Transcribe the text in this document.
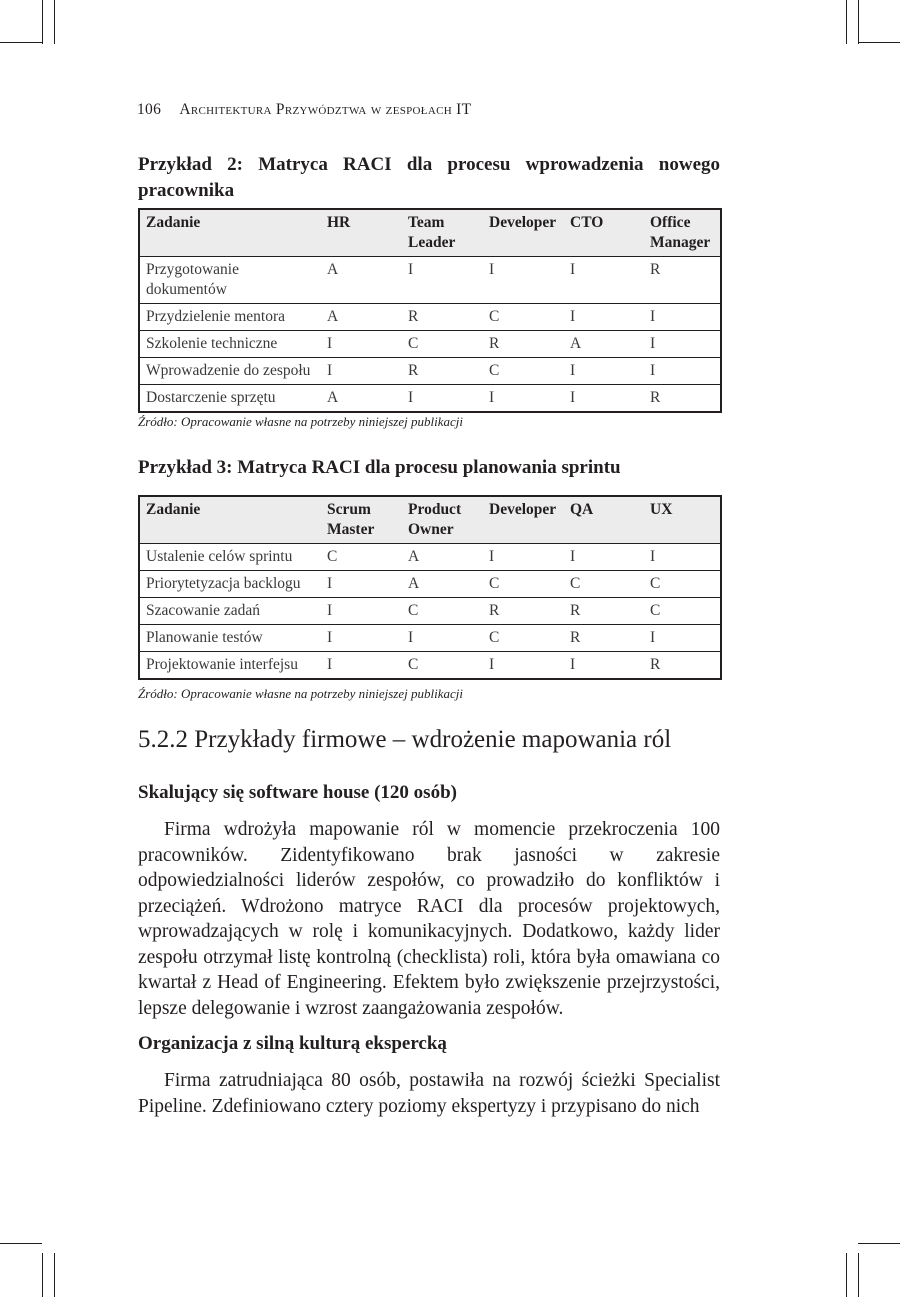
106 Architektura Przywództwa w zespołach IT

Przykład 2: Matryca RACI dla procesu wprowadzenia nowego pracownika

Zadanie	HR	Team Leader	Developer	CTO	Office Manager
Przygotowanie dokumentów	A	I	I	I	R
Przydzielenie mentora	A	R	C	I	I
Szkolenie techniczne	I	C	R	A	I
Wprowadzenie do zespołu	I	R	C	I	I
Dostarczenie sprzętu	A	I	I	I	R

Źródło: Opracowanie własne na potrzeby niniejszej publikacji

Przykład 3: Matryca RACI dla procesu planowania sprintu

Zadanie	Scrum Master	Product Owner	Developer	QA	UX
Ustalenie celów sprintu	C	A	I	I	I
Priorytetyzacja backlogu	I	A	C	C	C
Szacowanie zadań	I	C	R	R	C
Planowanie testów	I	I	C	R	I
Projektowanie interfejsu	I	C	I	I	R

Źródło: Opracowanie własne na potrzeby niniejszej publikacji

5.2.2 Przykłady firmowe – wdrożenie mapowania ról
Skalujący się software house (120 osób)

Firma wdrożyła mapowanie ról w momencie przekroczenia 100 pracowników. Zidentyfikowano brak jasności w zakresie odpowiedzialności liderów zespołów, co prowadziło do konfliktów i przeciążeń. Wdrożono matryce RACI dla procesów projektowych, wprowadzających w rolę i komunikacyjnych. Dodatkowo, każdy lider zespołu otrzymał listę kontrolną (checklista) roli, która była omawiana co kwartał z Head of Engineering. Efektem było zwiększenie przejrzystości, lepsze delegowanie i wzrost zaangażowania zespołów.

Organizacja z silną kulturą ekspercką

Firma zatrudniająca 80 osób, postawiła na rozwój ścieżki Specialist Pipeline. Zdefiniowano cztery poziomy ekspertyzy i przypisano do nich
